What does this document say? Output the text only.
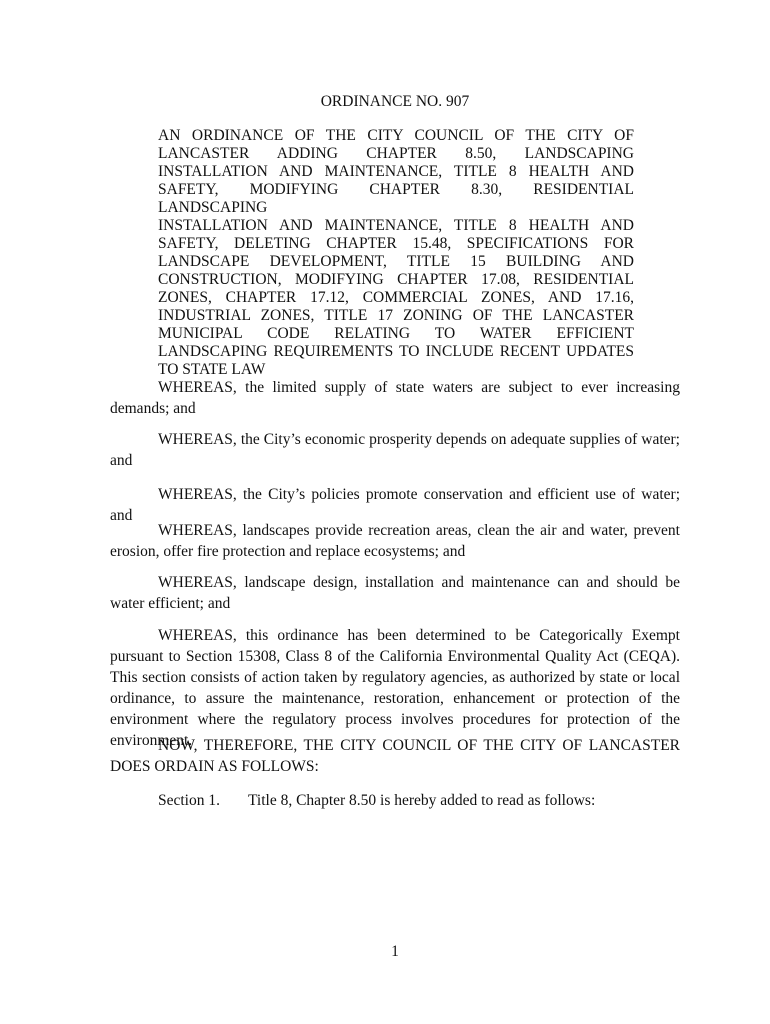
ORDINANCE NO. 907
AN ORDINANCE OF THE CITY COUNCIL OF THE CITY OF
LANCASTER ADDING CHAPTER 8.50, LANDSCAPING
INSTALLATION AND MAINTENANCE, TITLE 8 HEALTH AND
SAFETY, MODIFYING CHAPTER 8.30, RESIDENTIAL LANDSCAPING
INSTALLATION AND MAINTENANCE, TITLE 8 HEALTH AND
SAFETY, DELETING CHAPTER 15.48, SPECIFICATIONS FOR
LANDSCAPE DEVELOPMENT, TITLE 15 BUILDING AND
CONSTRUCTION, MODIFYING CHAPTER 17.08, RESIDENTIAL
ZONES, CHAPTER 17.12, COMMERCIAL ZONES, AND 17.16,
INDUSTRIAL ZONES, TITLE 17 ZONING OF THE LANCASTER
MUNICIPAL CODE RELATING TO WATER EFFICIENT
LANDSCAPING REQUIREMENTS TO INCLUDE RECENT UPDATES
TO STATE LAW

WHEREAS, the limited supply of state waters are subject to ever increasing demands; and

WHEREAS, the City’s economic prosperity depends on adequate supplies of water; and

WHEREAS, the City’s policies promote conservation and efficient use of water; and

WHEREAS, landscapes provide recreation areas, clean the air and water, prevent erosion, offer fire protection and replace ecosystems; and

WHEREAS, landscape design, installation and maintenance can and should be water efficient; and

WHEREAS, this ordinance has been determined to be Categorically Exempt pursuant to Section 15308, Class 8 of the California Environmental Quality Act (CEQA). This section consists of action taken by regulatory agencies, as authorized by state or local ordinance, to assure the maintenance, restoration, enhancement or protection of the environment where the regulatory process involves procedures for protection of the environment.

NOW, THEREFORE, THE CITY COUNCIL OF THE CITY OF LANCASTER DOES ORDAIN AS FOLLOWS:

Section 1. Title 8, Chapter 8.50 is hereby added to read as follows:
1
